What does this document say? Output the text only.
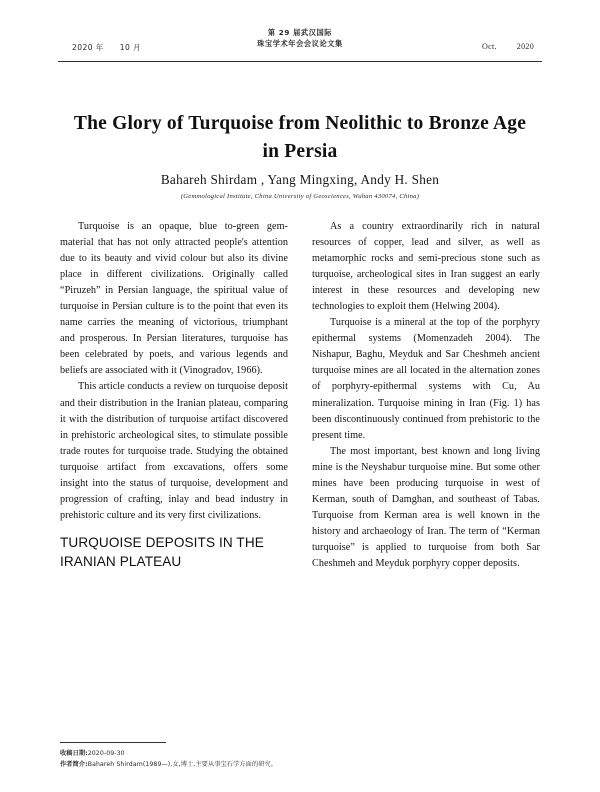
第 29 届武汉国际
珠宝学术年会会议论文集
2020 年 10 月	Oct.	2020
The Glory of Turquoise from Neolithic to Bronze Age in Persia
Bahareh Shirdam , Yang Mingxing, Andy H. Shen
(Gemmological Institute, China University of Geosciences, Wuhan 430074, China)

Turquoise is an opaque, blue to-green gem-material that has not only attracted people's attention due to its beauty and vivid colour but also its divine place in different civilizations. Originally called “Piruzeh” in Persian language, the spiritual value of turquoise in Persian culture is to the point that even its name carries the meaning of victorious, triumphant and prosperous. In Persian literatures, turquoise has been celebrated by poets, and various legends and beliefs are associated with it (Vinogradov, 1966).

This article conducts a review on turquoise deposit and their distribution in the Iranian plateau, comparing it with the distribution of turquoise artifact discovered in prehistoric archeological sites, to stimulate possible trade routes for turquoise trade. Studying the obtained turquoise artifact from excavations, offers some insight into the status of turquoise, development and progression of crafting, inlay and bead industry in prehistoric culture and its very first civilizations.

TURQUOISE DEPOSITS IN THE IRANIAN PLATEAU

As a country extraordinarily rich in natural resources of copper, lead and silver, as well as metamorphic rocks and semi-precious stone such as turquoise, archeological sites in Iran suggest an early interest in these resources and developing new technologies to exploit them (Helwing 2004).

Turquoise is a mineral at the top of the porphyry epithermal systems (Momenzadeh 2004). The Nishapur, Baghu, Meyduk and Sar Cheshmeh ancient turquoise mines are all located in the alternation zones of porphyry-epithermal systems with Cu, Au mineralization. Turquoise mining in Iran (Fig. 1) has been discontinuously continued from prehistoric to the present time.

The most important, best known and long living mine is the Neyshabur turquoise mine. But some other mines have been producing turquoise in west of Kerman, south of Damghan, and southeast of Tabas. Turquoise from Kerman area is well known in the history and archaeology of Iran. The term of “Kerman turquoise” is applied to turquoise from both Sar Cheshmeh and Meyduk porphyry copper deposits.

收稿日期:2020-09-30
作者简介:Bahareh Shirdam(1989—),女,博士,主要从事宝石学方面的研究。
